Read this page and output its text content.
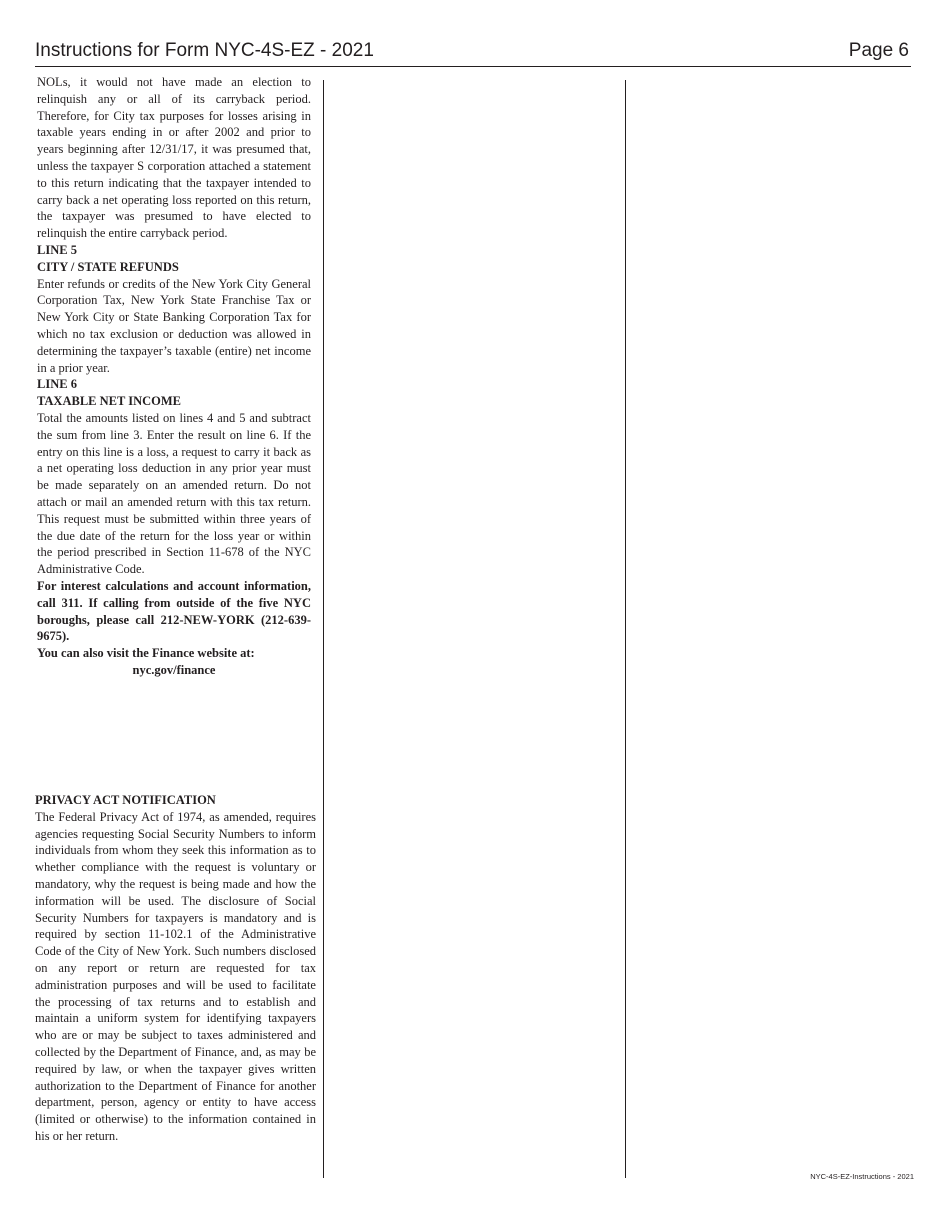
Instructions for Form NYC-4S-EZ - 2021	Page 6

NOLs, it would not have made an election to relinquish any or all of its carryback period. Therefore, for City tax purposes for losses arising in taxable years ending in or after 2002 and prior to years beginning after 12/31/17, it was presumed that, unless the taxpayer S corporation attached a statement to this return indicating that the taxpayer intended to carry back a net operating loss reported on this return, the taxpayer was presumed to have elected to relinquish the entire carryback period.

LINE 5

CITY / STATE REFUNDS

Enter refunds or credits of the New York City General Corporation Tax, New York State Franchise Tax or New York City or State Banking Corporation Tax for which no tax exclusion or deduction was allowed in determining the taxpayer’s taxable (entire) net income in a prior year.

LINE 6

TAXABLE NET INCOME

Total the amounts listed on lines 4 and 5 and subtract the sum from line 3. Enter the result on line 6. If the entry on this line is a loss, a request to carry it back as a net operating loss deduction in any prior year must be made separately on an amended return. Do not attach or mail an amended return with this tax return. This request must be submitted within three years of the due date of the return for the loss year or within the period prescribed in Section 11-678 of the NYC Administrative Code.

For interest calculations and account information, call 311. If calling from outside of the five NYC boroughs, please call 212-NEW-YORK (212-639-9675).

You can also visit the Finance website at:

nyc.gov/finance

PRIVACY ACT NOTIFICATION

The Federal Privacy Act of 1974, as amended, requires agencies requesting Social Security Numbers to inform individuals from whom they seek this information as to whether compliance with the request is voluntary or mandatory, why the request is being made and how the information will be used. The disclosure of Social Security Numbers for taxpayers is mandatory and is required by section 11-102.1 of the Administrative Code of the City of New York. Such numbers disclosed on any report or return are requested for tax administration purposes and will be used to facilitate the processing of tax returns and to establish and maintain a uniform system for identifying taxpayers who are or may be subject to taxes administered and collected by the Department of Finance, and, as may be required by law, or when the taxpayer gives written authorization to the Department of Finance for another department, person, agency or entity to have access (limited or otherwise) to the information contained in his or her return.

NYC-4S-EZ-Instructions - 2021
